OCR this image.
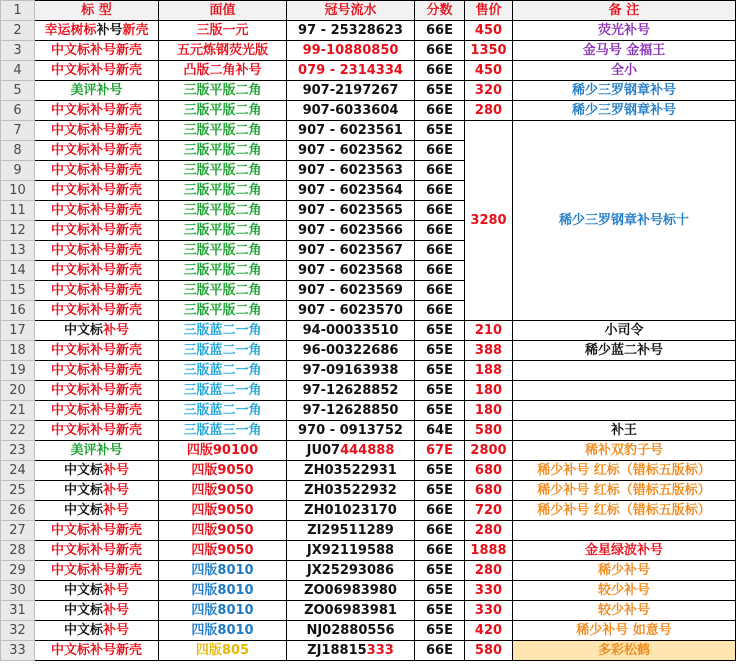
1	标 型	面值	冠号流水	分数	售价	备 注
2	幸运树标补号新壳	三版一元	97 - 25328623	66E	450	荧光补号
3	中文标补号新壳	五元炼钢荧光版	99-10880850	66E	1350	金马号 金福王
4	中文标补号新壳	凸版二角补号	079 - 2314334	66E	450	全小
5	美评补号	三版平版二角	907-2197267	65E	320	稀少三罗钢章补号
6	中文标补号新壳	三版平版二角	907-6033604	66E	280	稀少三罗钢章补号
7	中文标补号新壳	三版平版二角	907 - 6023561	65E	3280	稀少三罗钢章补号标十
8	中文标补号新壳	三版平版二角	907 - 6023562	66E		
9	中文标补号新壳	三版平版二角	907 - 6023563	66E		
10	中文标补号新壳	三版平版二角	907 - 6023564	66E		
11	中文标补号新壳	三版平版二角	907 - 6023565	66E		
12	中文标补号新壳	三版平版二角	907 - 6023566	66E		
13	中文标补号新壳	三版平版二角	907 - 6023567	66E		
14	中文标补号新壳	三版平版二角	907 - 6023568	66E		
15	中文标补号新壳	三版平版二角	907 - 6023569	66E		
16	中文标补号新壳	三版平版二角	907 - 6023570	66E		
17	中文标补号	三版蓝二一角	94-00033510	65E	210	小司令
18	中文标补号新壳	三版蓝二一角	96-00322686	65E	388	稀少蓝二补号
19	中文标补号新壳	三版蓝二一角	97-09163938	65E	188	
20	中文标补号新壳	三版蓝二一角	97-12628852	65E	180	
21	中文标补号新壳	三版蓝二一角	97-12628850	65E	180	
22	中文标补号新壳	三版蓝三一角	970 - 0913752	64E	580	补王
23	美评补号	四版90100	JU07444888	67E	2800	稀补双豹子号
24	中文标补号	四版9050	ZH03522931	65E	680	稀少补号 红标（错标五版标）
25	中文标补号	四版9050	ZH03522932	65E	680	稀少补号 红标（错标五版标）
26	中文标补号	四版9050	ZH01023170	66E	720	稀少补号 红标（错标五版标）
27	中文标补号新壳	四版9050	ZI29511289	66E	280	
28	中文标补号新壳	四版9050	JX92119588	66E	1888	金星绿波补号
29	中文标补号新壳	四版8010	JX25293086	65E	280	稀少补号
30	中文标补号	四版8010	ZO06983980	65E	330	较少补号
31	中文标补号	四版8010	ZO06983981	65E	330	较少补号
32	中文标补号	四版8010	NJ02880556	65E	420	稀少补号 如意号
33	中文标补号新壳	四版805	ZJ18815333	66E	580	多彩松鹤
